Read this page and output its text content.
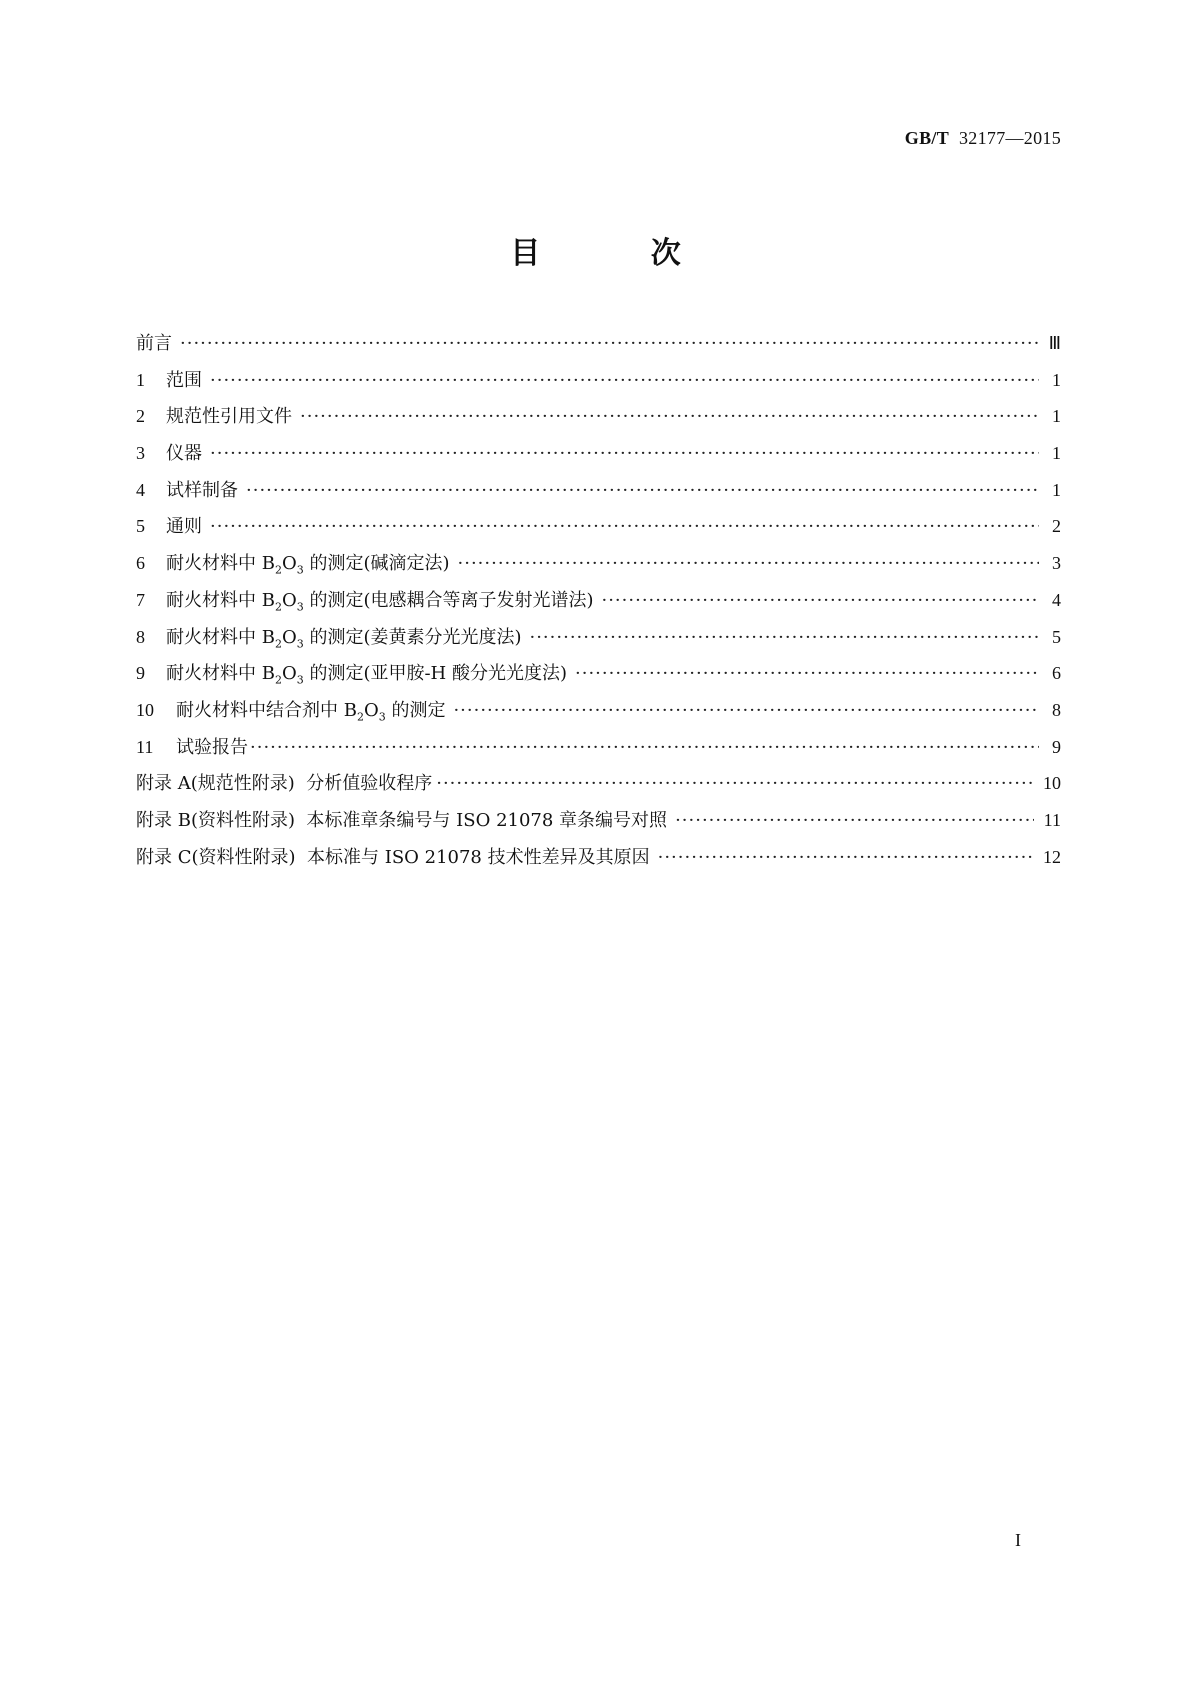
GB/T 32177—2015
目 次
前言 ·····	Ⅲ
1 范围 ·····	1
2 规范性引用文件 ·····	1
3 仪器 ·····	1
4 试样制备 ·····	1
5 通则 ·····	2
6 耐火材料中 $B_2O_3$ 的测定(碱滴定法) ·····	3
7 耐火材料中 $B_2O_3$ 的测定(电感耦合等离子发射光谱法) ·····	4
8 耐火材料中 $B_2O_3$ 的测定(姜黄素分光光度法) ·····	5
9 耐火材料中 $B_2O_3$ 的测定(亚甲胺-H 酸分光光度法) ·····	6
10 耐火材料中结合剂中 $B_2O_3$ 的测定 ·····	8
11 试验报告 ·····	9
附录 A(规范性附录)  分析值验收程序 ·····	10
附录 B(资料性附录)  本标准章条编号与 ISO 21078 章条编号对照 ·····	11
附录 C(资料性附录)  本标准与 ISO 21078 技术性差异及其原因 ·····	12
I
